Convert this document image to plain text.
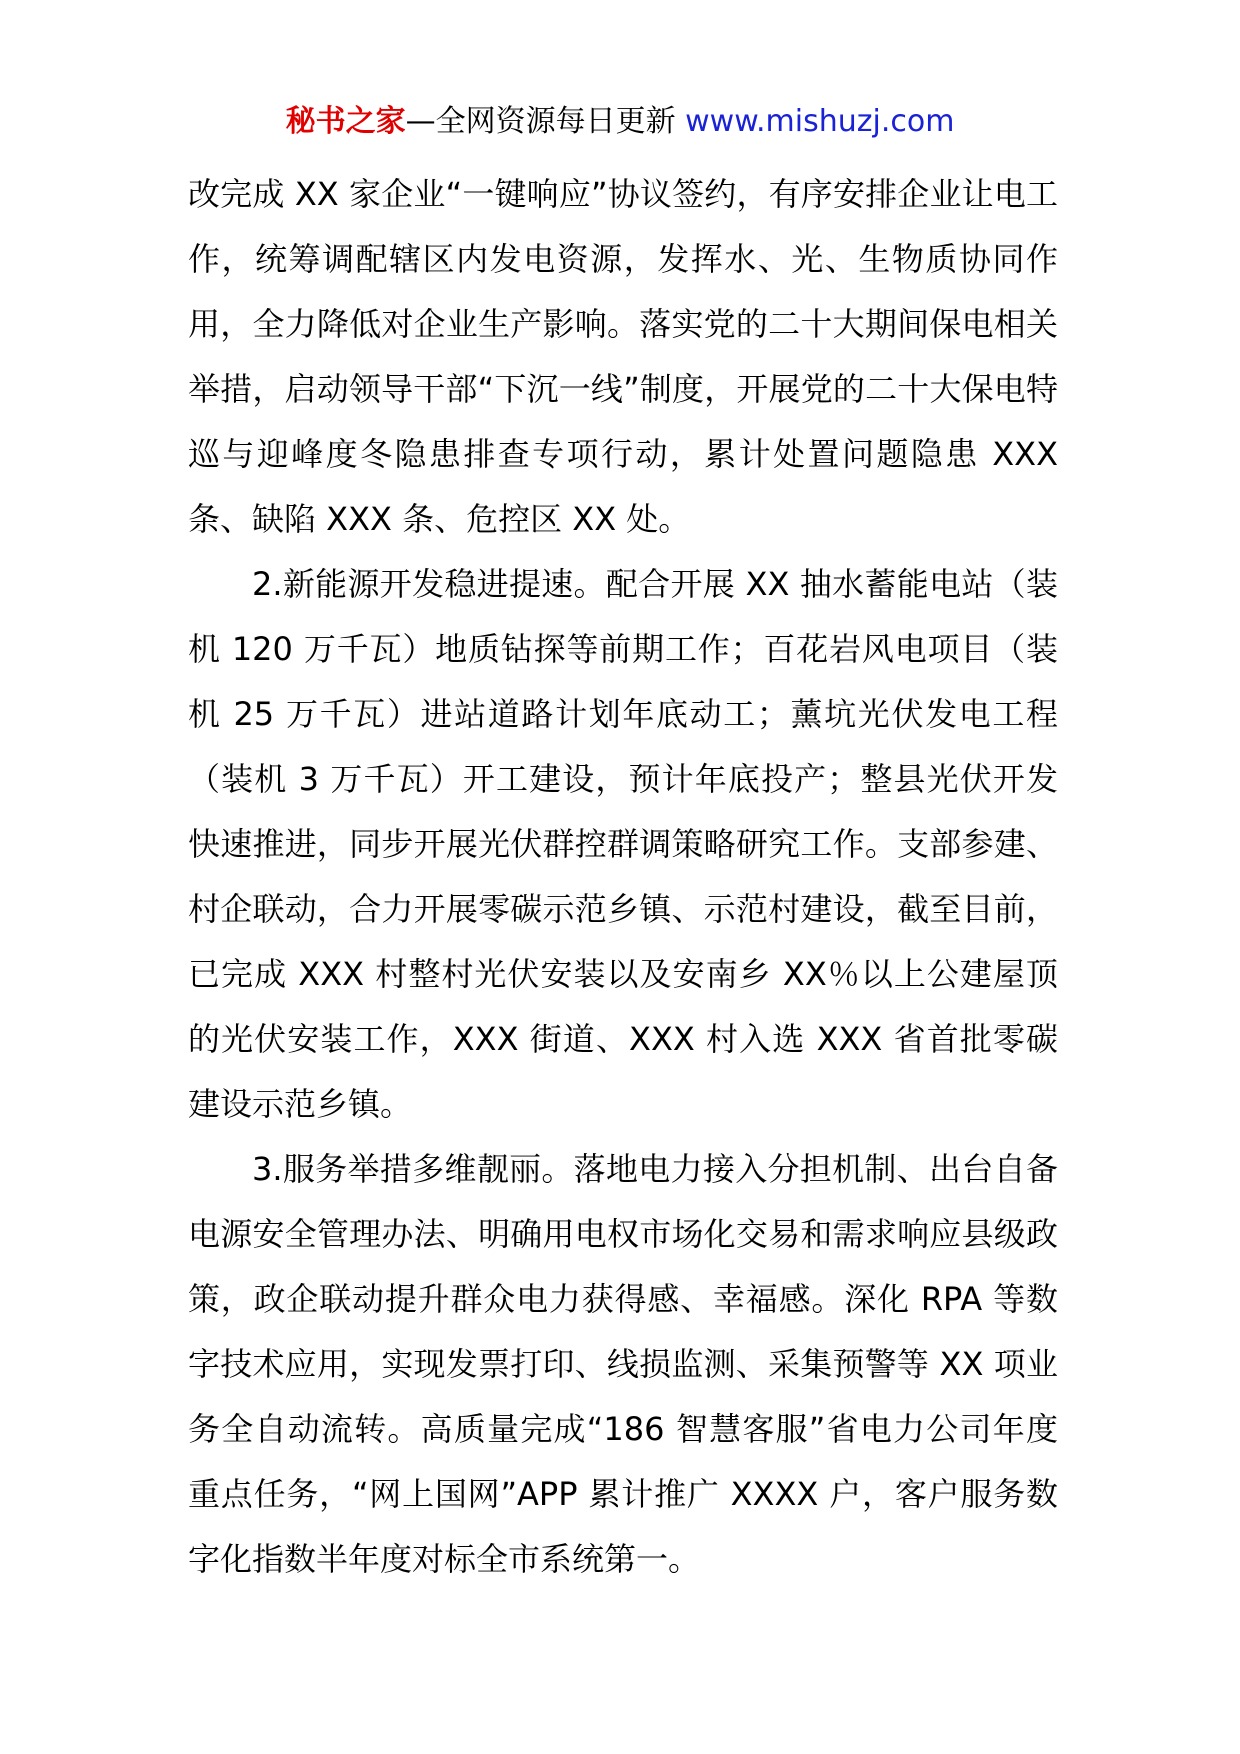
秘书之家—全网资源每日更新 www.mishuzj.com

改完成 XX 家企业“一键响应”协议签约，有序安排企业让电工作，统筹调配辖区内发电资源，发挥水、光、生物质协同作用，全力降低对企业生产影响。落实党的二十大期间保电相关举措，启动领导干部“下沉一线”制度，开展党的二十大保电特巡与迎峰度冬隐患排查专项行动，累计处置问题隐患 XXX 条、缺陷 XXX 条、危控区 XX 处。

2.新能源开发稳进提速。配合开展 XX 抽水蓄能电站（装机 120 万千瓦）地质钻探等前期工作；百花岩风电项目（装机 25 万千瓦）进站道路计划年底动工；薰坑光伏发电工程（装机 3 万千瓦）开工建设，预计年底投产；整县光伏开发快速推进，同步开展光伏群控群调策略研究工作。支部参建、村企联动，合力开展零碳示范乡镇、示范村建设，截至目前，已完成 XXX 村整村光伏安装以及安南乡 XX％以上公建屋顶的光伏安装工作，XXX 街道、XXX 村入选 XXX 省首批零碳建设示范乡镇。

3.服务举措多维靓丽。落地电力接入分担机制、出台自备电源安全管理办法、明确用电权市场化交易和需求响应县级政策，政企联动提升群众电力获得感、幸福感。深化 RPA 等数字技术应用，实现发票打印、线损监测、采集预警等 XX 项业务全自动流转。高质量完成“186 智慧客服”省电力公司年度重点任务，“网上国网”APP 累计推广 XXXX 户，客户服务数字化指数半年度对标全市系统第一。
